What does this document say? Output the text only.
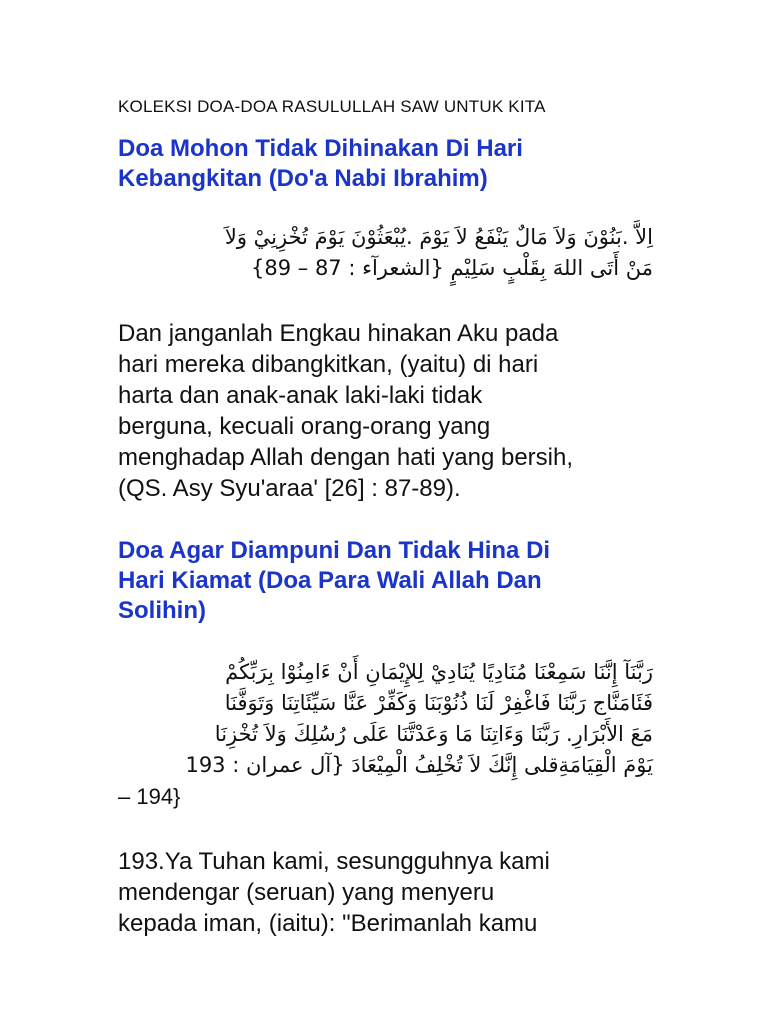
KOLEKSI DOA-DOA RASULULLAH SAW UNTUK KITA
Doa Mohon Tidak Dihinakan Di Hari
Kebangkitan (Do'a Nabi Ibrahim)
اِلاَّ .بَنُوْنَ وَلاَ مَالٌ يَنْفَعُ لاَ يَوْمَ .يُبْعَثُوْنَ يَوْمَ تُخْزِنِيْ وَلاَ
مَنْ أَتَى اللهَ بِقَلْبٍ سَلِيْمٍ {الشعرآء : 87 – 89}
Dan janganlah Engkau hinakan Aku pada
hari mereka dibangkitkan, (yaitu) di hari
harta dan anak-anak laki-laki tidak
berguna, kecuali orang-orang yang
menghadap Allah dengan hati yang bersih,
(QS. Asy Syu'araa' [26] : 87-89).
Doa Agar Diampuni Dan Tidak Hina Di
Hari Kiamat (Doa Para Wali Allah Dan
Solihin)
رَبَّنَآ إِنَّنَا سَمِعْنَا مُنَادِيًا يُنَادِيْ لِلإِيْمَانِ أَنْ ءَامِنُوْا بِرَبِّكُمْ
فَئَامَنَّاج رَبَّنَا فَاغْفِرْ لَنَا ذُنُوْبَنَا وَكَفِّرْ عَنَّا سَيِّئَاتِنَا وَتَوَفَّنَا
مَعَ الأَبْرَارِ. رَبَّنَا وَءَاتِنَا مَا وَعَدْتَّنَا عَلَى رُسُلِكَ وَلاَ تُخْزِنَا
يَوْمَ الْقِيَامَةِقلى إِنَّكَ لاَ تُخْلِفُ الْمِيْعَادَ {آل عمران : 193
– 194}
193.Ya Tuhan kami, sesungguhnya kami
mendengar (seruan) yang menyeru
kepada iman, (iaitu): "Berimanlah kamu
